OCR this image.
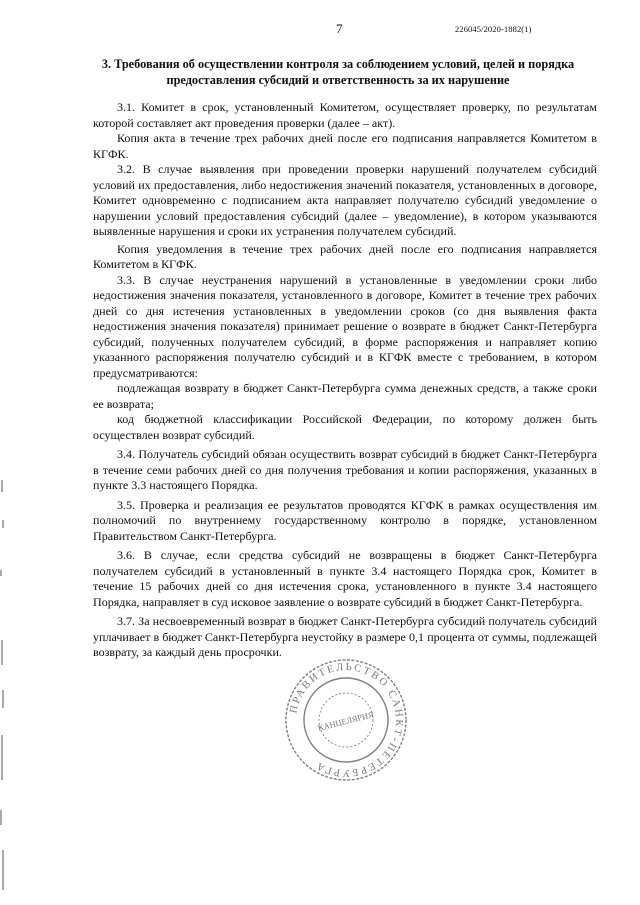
7	226045/2020-1882(1)
3. Требования об осуществлении контроля за соблюдением условий, целей и порядка
предоставления субсидий и ответственность за их нарушение

3.1. Комитет в срок, установленный Комитетом, осуществляет проверку, по результатам которой составляет акт проведения проверки (далее – акт).

Копия акта в течение трех рабочих дней после его подписания направляется Комитетом в КГФК.

3.2. В случае выявления при проведении проверки нарушений получателем субсидий условий их предоставления, либо недостижения значений показателя, установленных в договоре, Комитет одновременно с подписанием акта направляет получателю субсидий уведомление о нарушении условий предоставления субсидий (далее – уведомление), в котором указываются выявленные нарушения и сроки их устранения получателем субсидий.

Копия уведомления в течение трех рабочих дней после его подписания направляется Комитетом в КГФК.

3.3. В случае неустранения нарушений в установленные в уведомлении сроки либо недостижения значения показателя, установленного в договоре, Комитет в течение трех рабочих дней со дня истечения установленных в уведомлении сроков (со дня выявления факта недостижения значения показателя) принимает решение о возврате в бюджет Санкт-Петербурга субсидий, полученных получателем субсидий, в форме распоряжения и направляет копию указанного распоряжения получателю субсидий и в КГФК вместе с требованием, в котором предусматриваются:

подлежащая возврату в бюджет Санкт-Петербурга сумма денежных средств, а также сроки ее возврата;

код бюджетной классификации Российской Федерации, по которому должен быть осуществлен возврат субсидий.

3.4. Получатель субсидий обязан осуществить возврат субсидий в бюджет Санкт-Петербурга в течение семи рабочих дней со дня получения требования и копии распоряжения, указанных в пункте 3.3 настоящего Порядка.

3.5. Проверка и реализация ее результатов проводятся КГФК в рамках осуществления им полномочий по внутреннему государственному контролю в порядке, установленном Правительством Санкт-Петербурга.

3.6. В случае, если средства субсидий не возвращены в бюджет Санкт-Петербурга получателем субсидий в установленный в пункте 3.4 настоящего Порядка срок, Комитет в течение 15 рабочих дней со дня истечения срока, установленного в пункте 3.4 настоящего Порядка, направляет в суд исковое заявление о возврате субсидий в бюджет Санкт-Петербурга.

3.7. За несвоевременный возврат в бюджет Санкт-Петербурга субсидий получатель субсидий уплачивает в бюджет Санкт-Петербурга неустойку в размере 0,1 процента от суммы, подлежащей возврату, за каждый день просрочки.

ПРАВИТЕЛЬСТВО САНКТ-ПЕТЕРБУРГА
КАНЦЕЛЯРИЯ
